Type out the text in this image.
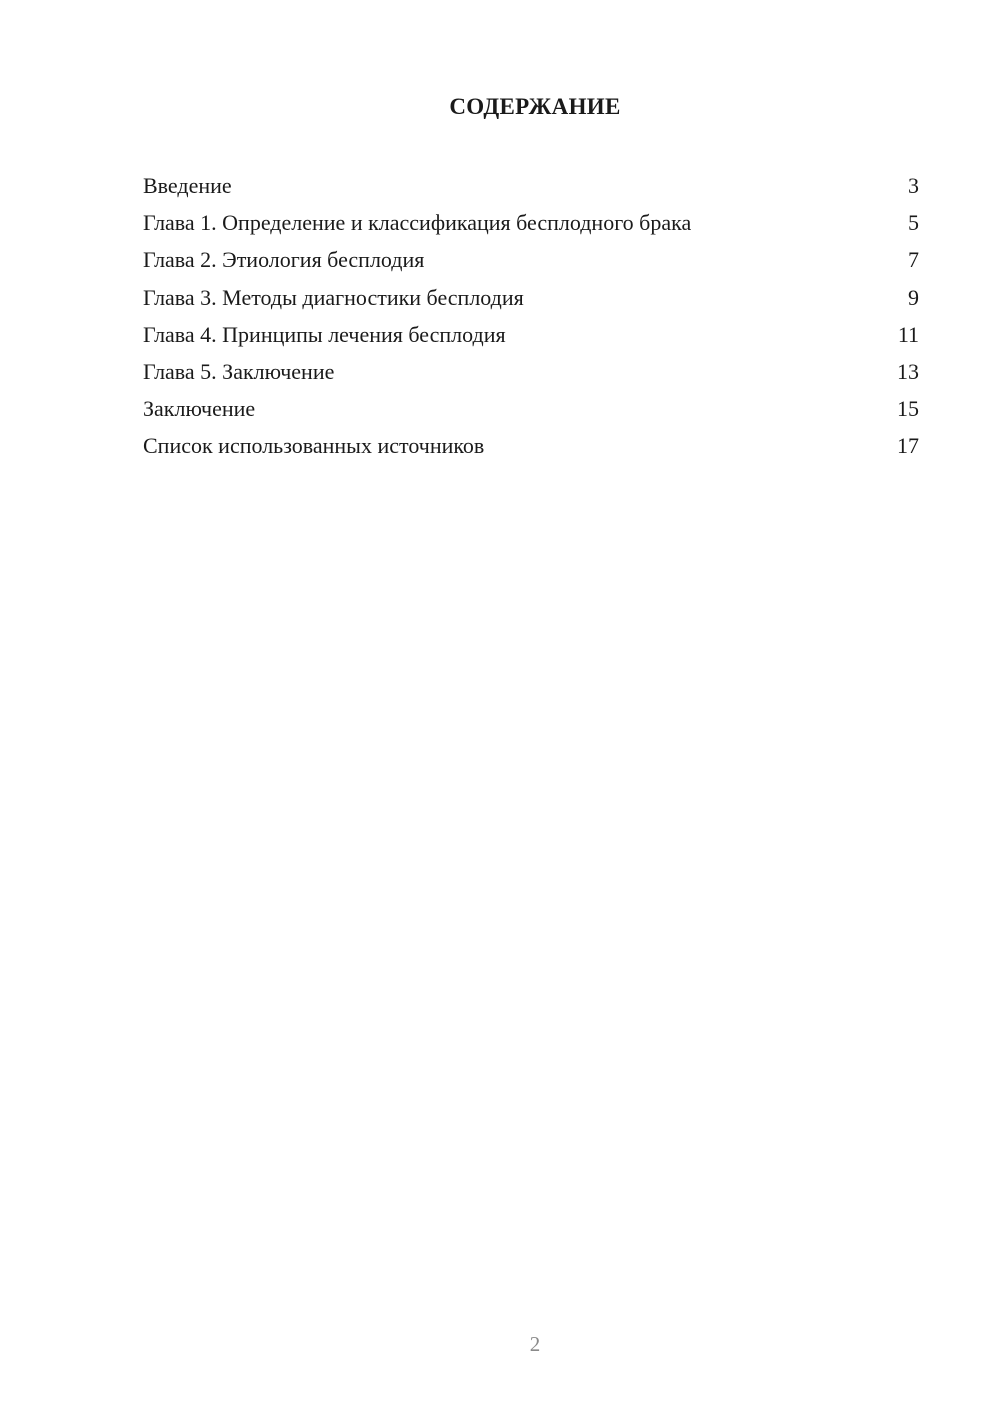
СОДЕРЖАНИЕ
Введение	3
Глава 1. Определение и классификация бесплодного брака	5
Глава 2. Этиология бесплодия	7
Глава 3. Методы диагностики бесплодия	9
Глава 4. Принципы лечения бесплодия	11
Глава 5. Заключение	13
Заключение	15
Список использованных источников	17
2
